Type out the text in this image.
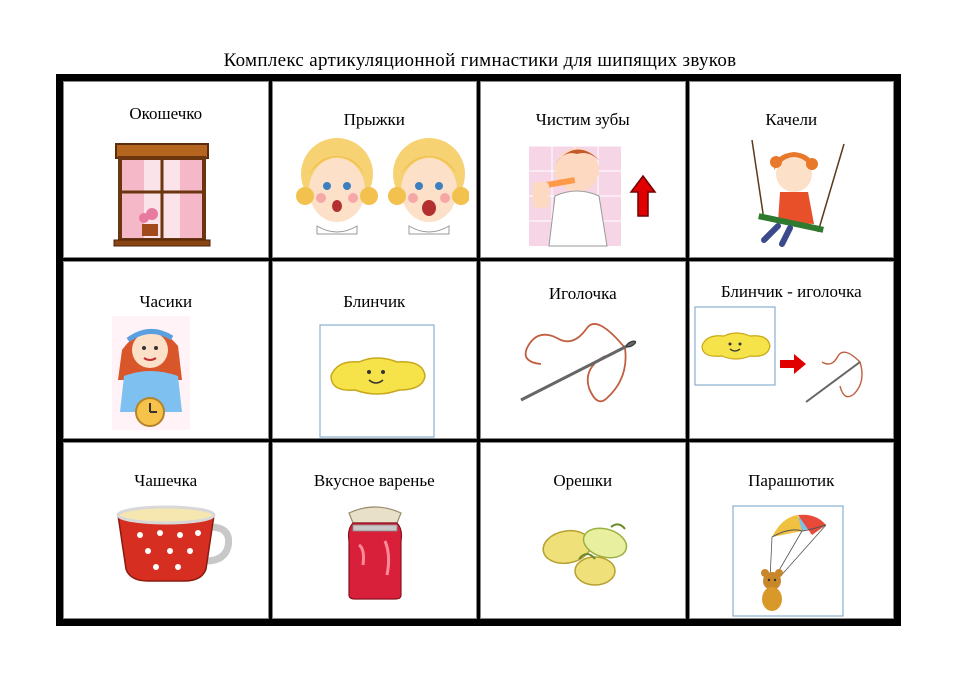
Комплекс артикуляционной гимнастики для шипящих звуков
Окошечко	Прыжки	Чистим зубы	Качели
Часики	Блинчик	Иголочка	Блинчик - иголочка
Чашечка	Вкусное варенье	Орешки	Парашютик
